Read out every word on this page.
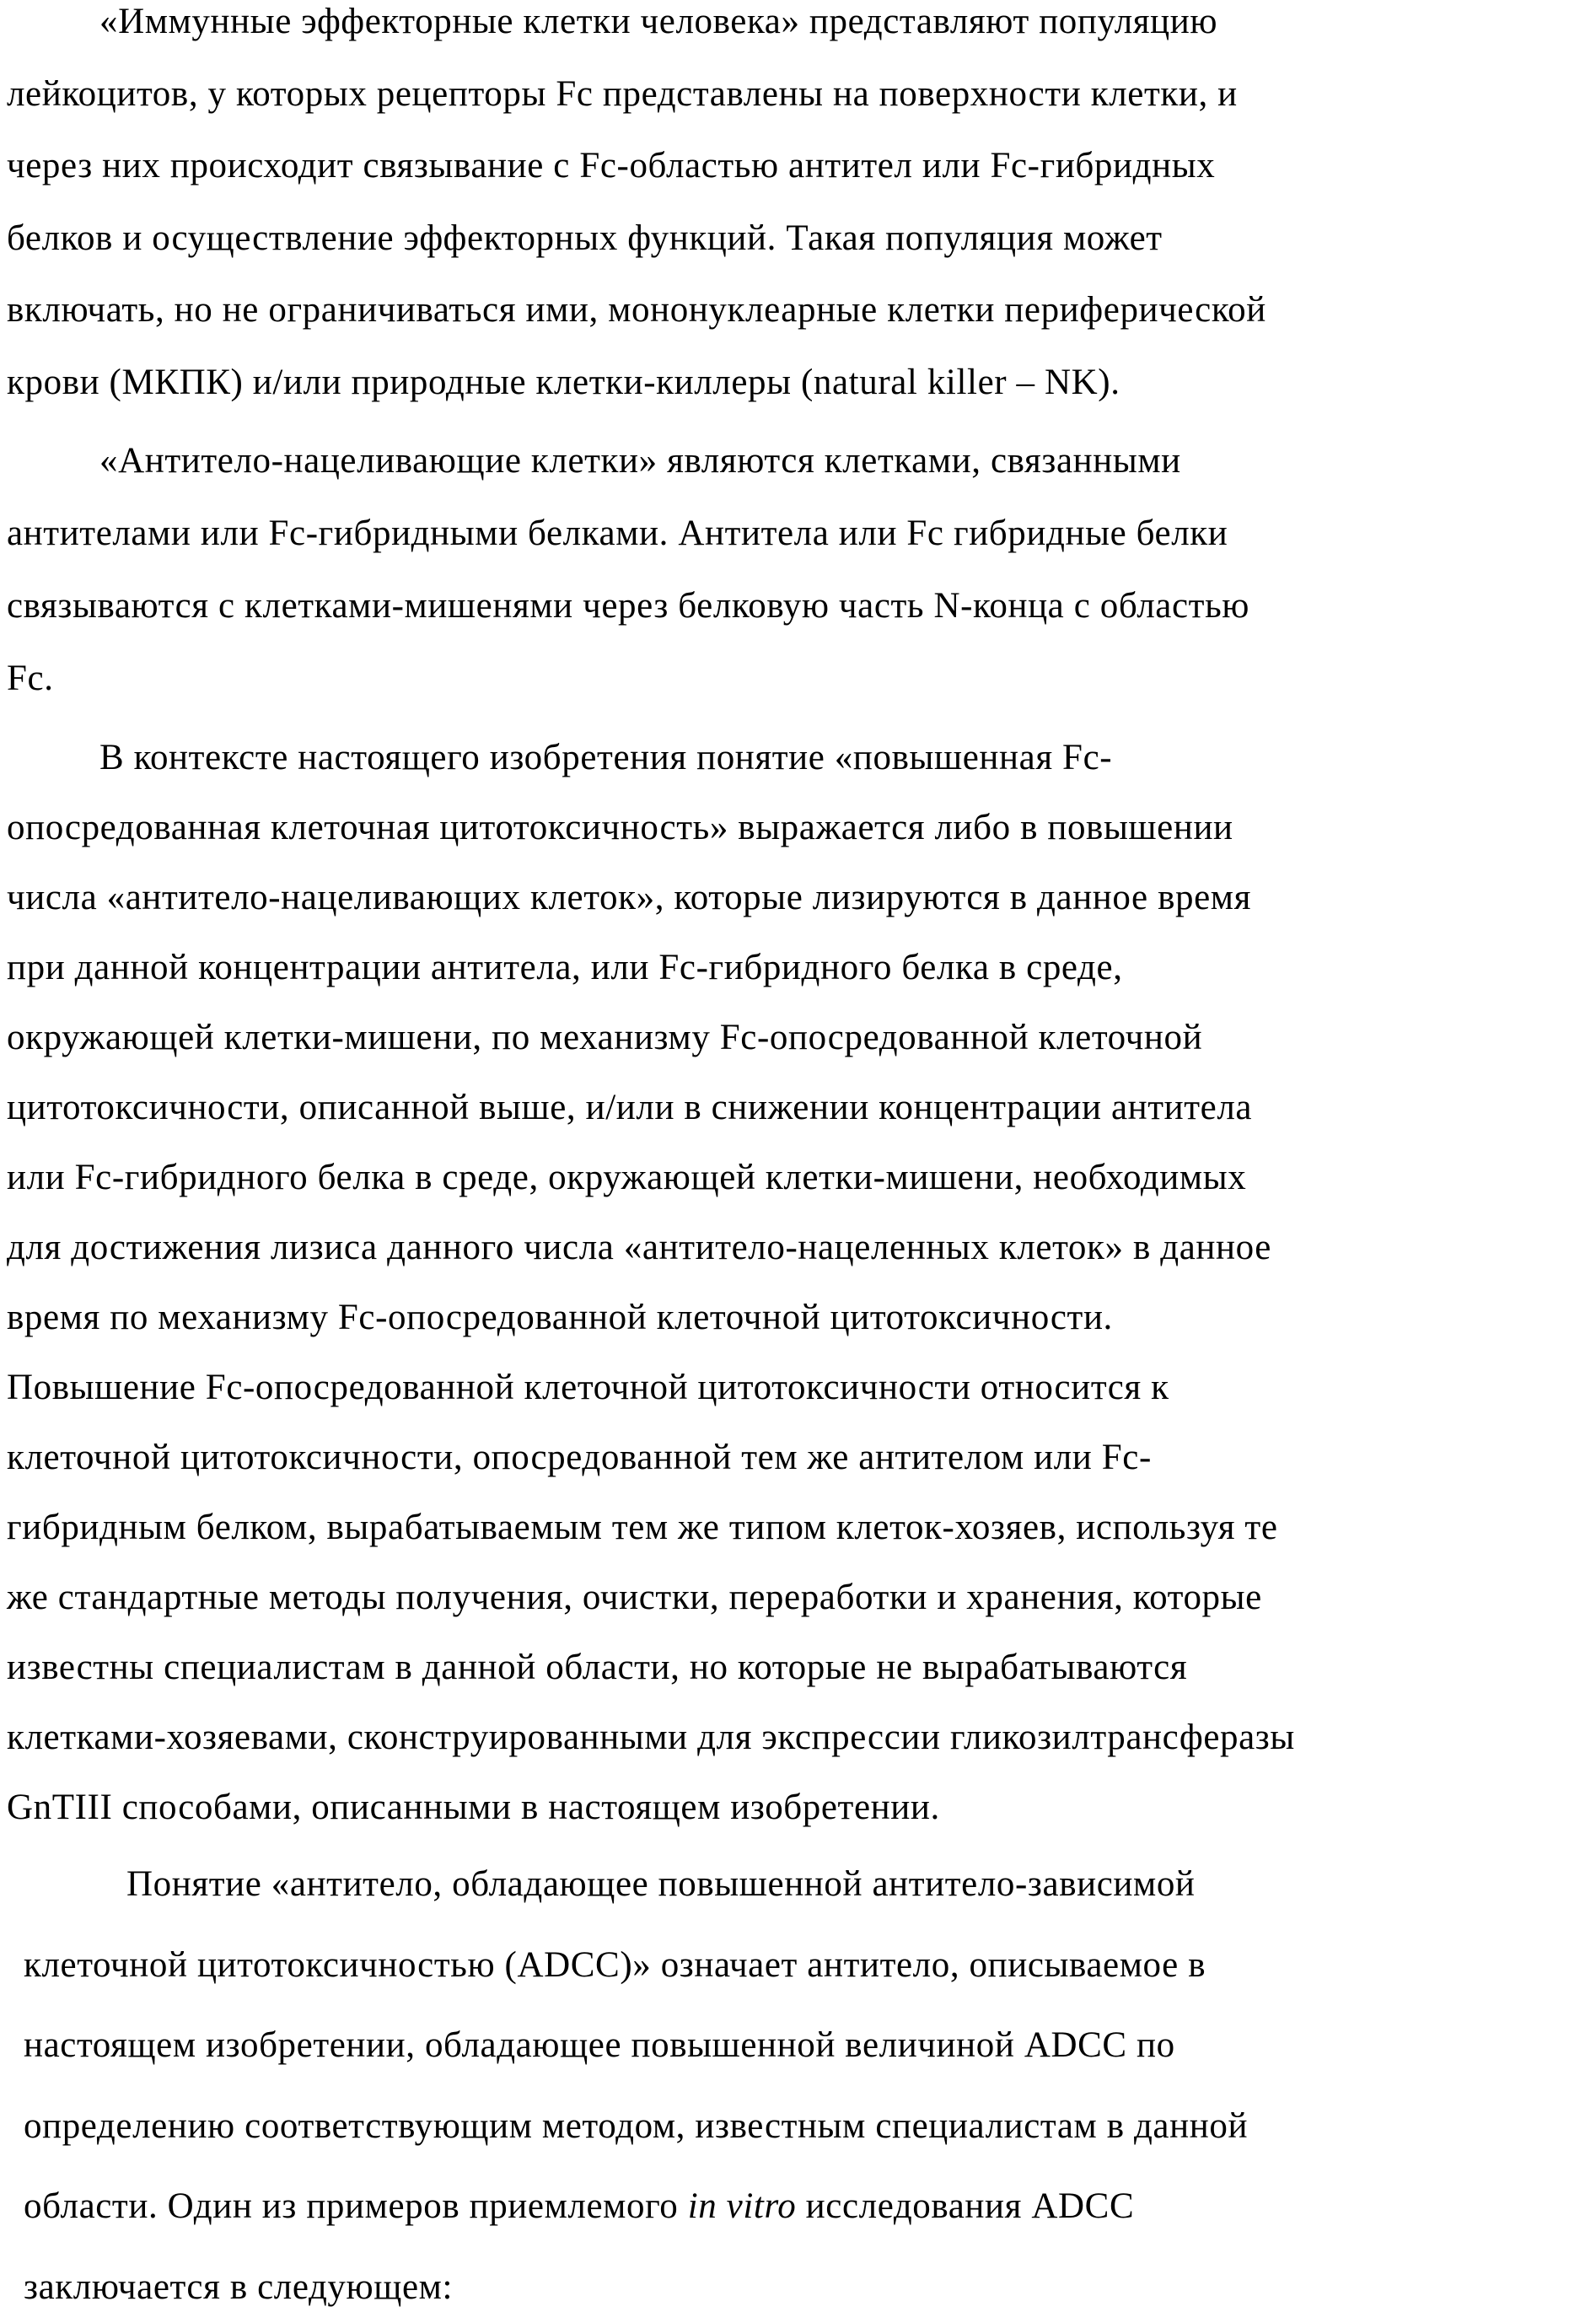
«Иммунные эффекторные клетки человека» представляют популяцию
лейкоцитов, у которых рецепторы Fc представлены на поверхности клетки, и
через них происходит связывание с Fc-областью антител или Fc-гибридных
белков и осуществление эффекторных функций. Такая популяция может
включать, но не ограничиваться ими, мононуклеарные клетки периферической
крови (МКПК) и/или природные клетки-киллеры (natural killer – NK).
«Антитело-нацеливающие клетки» являются клетками, связанными
антителами или Fc-гибридными белками. Антитела или Fc гибридные белки
связываются с клетками-мишенями через белковую часть N-конца с областью
Fc.
В контексте настоящего изобретения понятие «повышенная Fc-
опосредованная клеточная цитотоксичность» выражается либо в повышении
числа «антитело-нацеливающих клеток», которые лизируются в данное время
при данной концентрации антитела, или Fc-гибридного белка в среде,
окружающей клетки-мишени, по механизму Fc-опосредованной клеточной
цитотоксичности, описанной выше, и/или в снижении концентрации антитела
или Fc-гибридного белка в среде, окружающей клетки-мишени, необходимых
для достижения лизиса данного числа «антитело-нацеленных клеток» в данное
время по механизму Fc-опосредованной клеточной цитотоксичности.
Повышение Fc-опосредованной клеточной цитотоксичности относится к
клеточной цитотоксичности, опосредованной тем же антителом или Fc-
гибридным белком, вырабатываемым тем же типом клеток-хозяев, используя те
же стандартные методы получения, очистки, переработки и хранения, которые
известны специалистам в данной области, но которые не вырабатываются
клетками-хозяевами, сконструированными для экспрессии гликозилтрансферазы
GnTIII способами, описанными в настоящем изобретении.
Понятие «антитело, обладающее повышенной антитело-зависимой
клеточной цитотоксичностью (ADCC)» означает антитело, описываемое в
настоящем изобретении, обладающее повышенной величиной ADCC по
определению соответствующим методом, известным специалистам в данной
области. Один из примеров приемлемого in vitro исследования ADCC
заключается в следующем:
